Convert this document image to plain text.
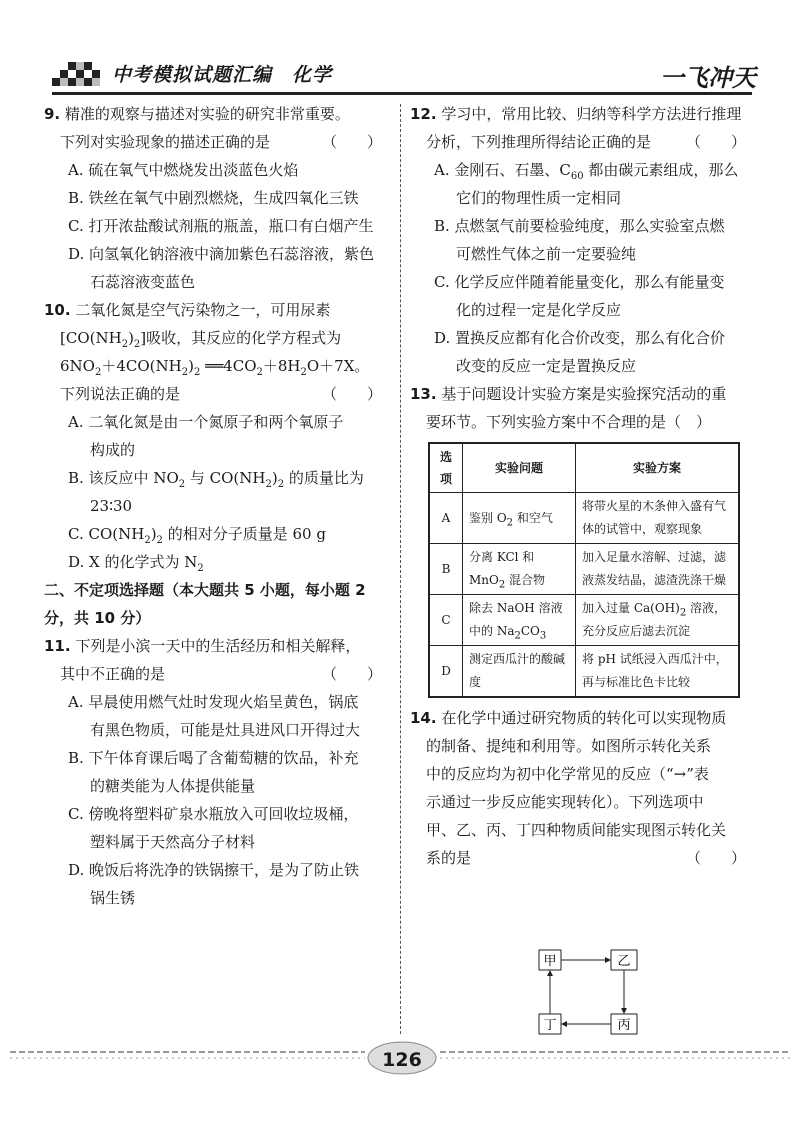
中考模拟试题汇编　化学	一飞冲天

9. 精准的观察与描述对实验的研究非常重要。

下列对实验现象的描述正确的是	（　　）

A. 硫在氧气中燃烧发出淡蓝色火焰

B. 铁丝在氧气中剧烈燃烧，生成四氧化三铁

C. 打开浓盐酸试剂瓶的瓶盖，瓶口有白烟产生

D. 向氢氧化钠溶液中滴加紫色石蕊溶液，紫色

石蕊溶液变蓝色

10. 二氧化氮是空气污染物之一，可用尿素

$[CO(NH_2)_2]$吸收，其反应的化学方程式为

$6NO_2+4CO(NH_2)_2$ $══4CO_2+8H_2O+7X$。

下列说法正确的是	（　　）

A. 二氧化氮是由一个氮原子和两个氧原子

构成的

B. 该反应中 $NO_2$ 与 $CO(NH_2)_2$ 的质量比为

23∶30

C. $CO(NH_2)_2$ 的相对分子质量是 60 g

D. X 的化学式为 $N_2$

二、不定项选择题（本大题共 5 小题，每小题 2

分，共 10 分）

11. 下列是小滨一天中的生活经历和相关解释，

其中不正确的是	（　　）

A. 早晨使用燃气灶时发现火焰呈黄色，锅底

有黑色物质，可能是灶具进风口开得过大

B. 下午体育课后喝了含葡萄糖的饮品，补充

的糖类能为人体提供能量

C. 傍晚将塑料矿泉水瓶放入可回收垃圾桶，

塑料属于天然高分子材料

D. 晚饭后将洗净的铁锅擦干，是为了防止铁

锅生锈

12. 学习中，常用比较、归纳等科学方法进行推理

分析，下列推理所得结论正确的是 （　　）

A. 金刚石、石墨、$C_{60}$ 都由碳元素组成，那么

它们的物理性质一定相同

B. 点燃氢气前要检验纯度，那么实验室点燃

可燃性气体之前一定要验纯

C. 化学反应伴随着能量变化，那么有能量变

化的过程一定是化学反应

D. 置换反应都有化合价改变，那么有化合价

改变的反应一定是置换反应

13. 基于问题设计实验方案是实验探究活动的重

要环节。下列实验方案中不合理的是（　）

选项	实验问题	实验方案
A	鉴别 $O_2$ 和空气	将带火星的木条伸入盛有气体的试管中，观察现象
B	分离 KCl 和 MnO$_2$ 混合物	加入足量水溶解、过滤，滤液蒸发结晶，滤渣洗涤干燥
C	除去 NaOH 溶液中的 $Na_2CO_3$	加入过量 $Ca(OH)_2$ 溶液，充分反应后滤去沉淀
D	测定西瓜汁的酸碱度	将 pH 试纸浸入西瓜汁中，再与标准比色卡比较

14. 在化学中通过研究物质的转化可以实现物质

的制备、提纯和利用等。如图所示转化关系

中的反应均为初中化学常见的反应（“→”表

示通过一步反应能实现转化）。下列选项中

甲、乙、丙、丁四种物质间能实现图示转化关

系的是	（　　）

甲	乙
丙
丁
126
